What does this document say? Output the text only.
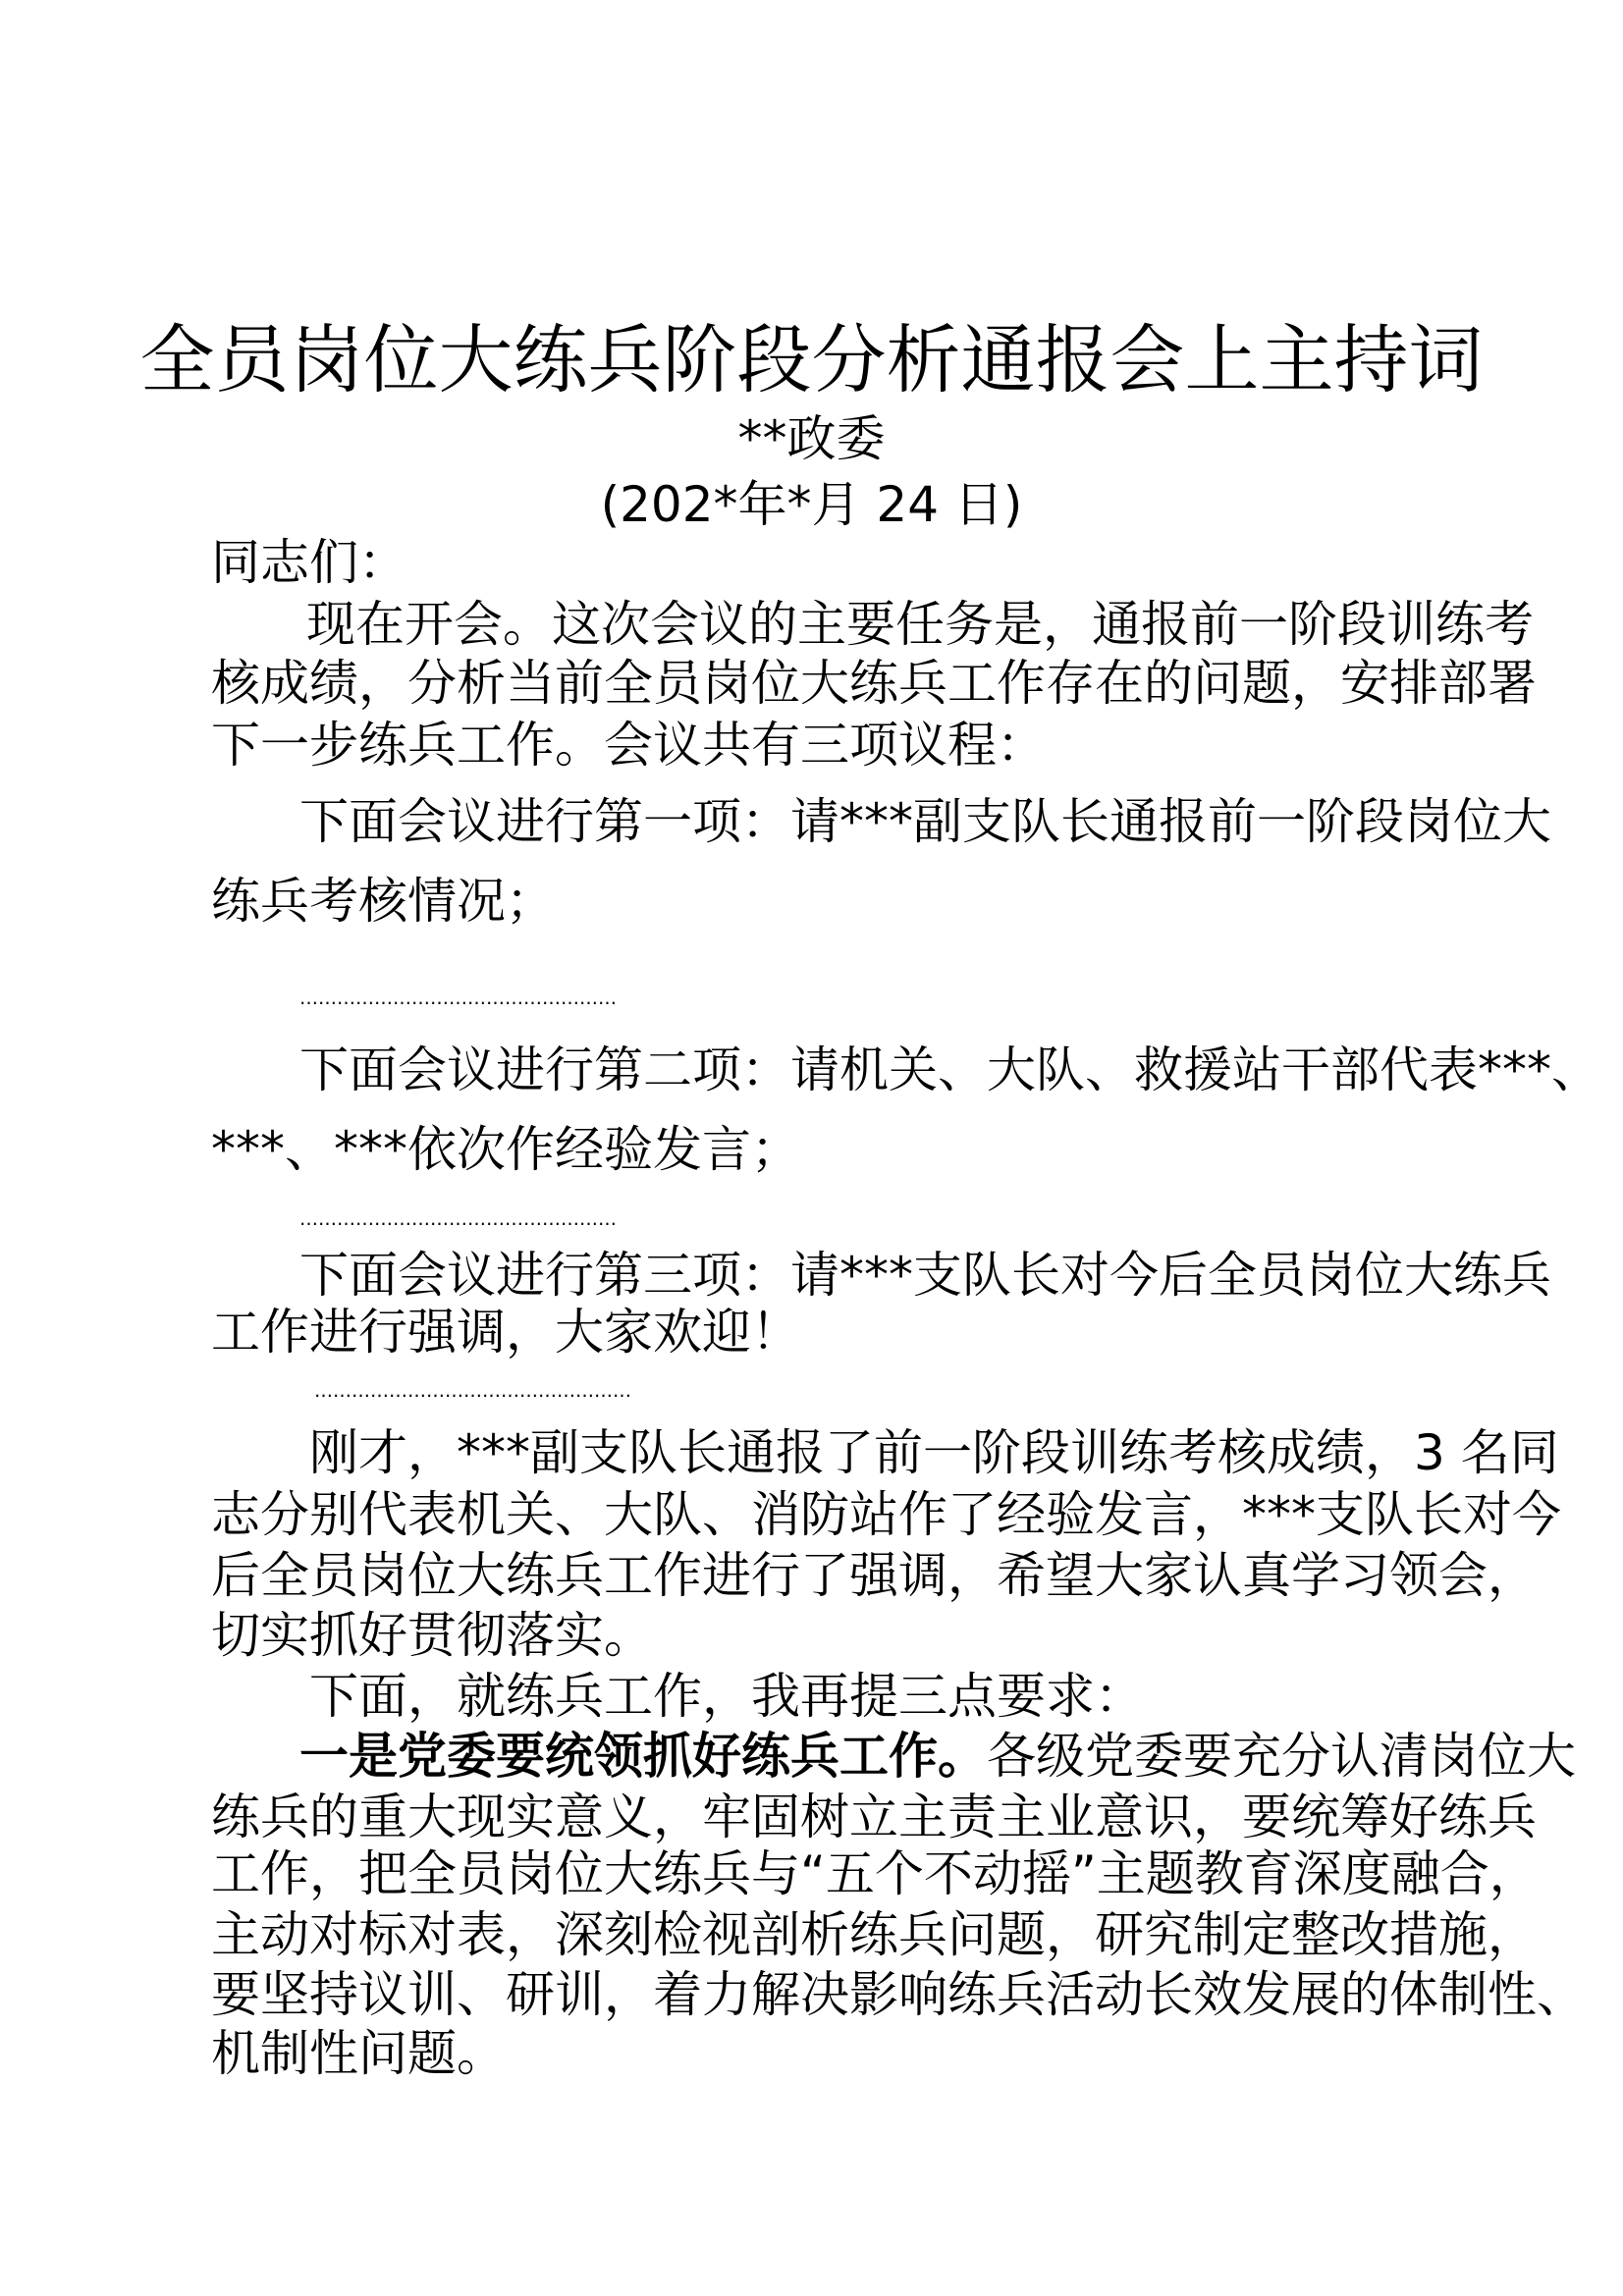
全员岗位大练兵阶段分析通报会上主持词
**政委
(202*年*月 24 日)
同志们：
现在开会。这次会议的主要任务是，通报前一阶段训练考
核成绩，分析当前全员岗位大练兵工作存在的问题，安排部署
下一步练兵工作。会议共有三项议程：
下面会议进行第一项：请***副支队长通报前一阶段岗位大
练兵考核情况；
……………………………………………
下面会议进行第二项：请机关、大队、救援站干部代表***、
***、***依次作经验发言；
……………………………………………
下面会议进行第三项：请***支队长对今后全员岗位大练兵
工作进行强调，大家欢迎！
……………………………………………
刚才，***副支队长通报了前一阶段训练考核成绩，3 名同
志分别代表机关、大队、消防站作了经验发言，***支队长对今
后全员岗位大练兵工作进行了强调，希望大家认真学习领会，
切实抓好贯彻落实。
下面，就练兵工作，我再提三点要求：
一是党委要统领抓好练兵工作。 各级党委要充分认清岗位大
练兵的重大现实意义，牢固树立主责主业意识，要统筹好练兵
工作，把全员岗位大练兵与“五个不动摇”主题教育深度融合，
主动对标对表，深刻检视剖析练兵问题，研究制定整改措施，
要坚持议训、研训，着力解决影响练兵活动长效发展的体制性、
机制性问题。
